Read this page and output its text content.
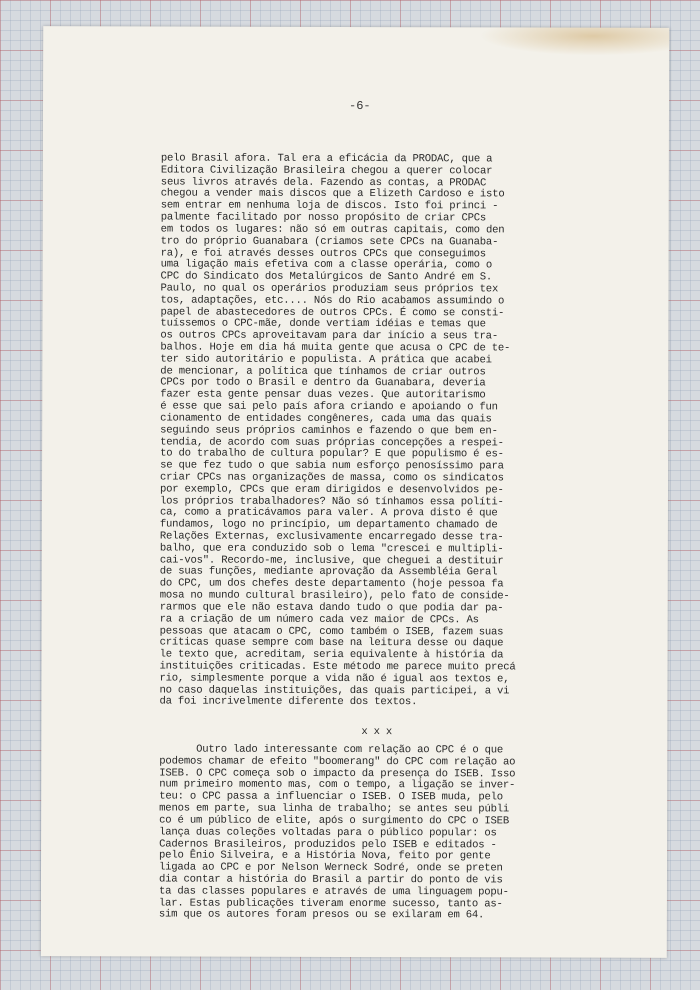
-6-
pelo Brasil afora. Tal era a eficácia da PRODAC, que a
Editora Civilização Brasileira chegou a querer colocar
seus livros através dela. Fazendo as contas, a PRODAC
chegou a vender mais discos que a Elizeth Cardoso e isto
sem entrar em nenhuma loja de discos. Isto foi princi -
palmente facilitado por nosso propósito de criar CPCs
em todos os lugares: não só em outras capitais, como den
tro do próprio Guanabara (criamos sete CPCs na Guanaba-
ra), e foi através desses outros CPCs que conseguimos
uma ligação mais efetiva com a classe operária, como o
CPC do Sindicato dos Metalúrgicos de Santo André em S.
Paulo, no qual os operários produziam seus próprios tex
tos, adaptações, etc.... Nós do Rio acabamos assumindo o
papel de abastecedores de outros CPCs. É como se consti-
tuíssemos o CPC-mãe, donde vertiam idéias e temas que
os outros CPCs aproveitavam para dar início a seus tra-
balhos. Hoje em dia há muita gente que acusa o CPC de te-
ter sido autoritário e populista. A prática que acabei
de mencionar, a política que tínhamos de criar outros
CPCs por todo o Brasil e dentro da Guanabara, deveria
fazer esta gente pensar duas vezes. Que autoritarismo
é esse que sai pelo país afora criando e apoiando o fun
cionamento de entidades congêneres, cada uma das quais
seguindo seus próprios caminhos e fazendo o que bem en-
tendia, de acordo com suas próprias concepções a respei-
to do trabalho de cultura popular? E que populismo é es-
se que fez tudo o que sabia num esforço penosíssimo para
criar CPCs nas organizações de massa, como os sindicatos
por exemplo, CPCs que eram dirigidos e desenvolvidos pe-
los próprios trabalhadores? Não só tínhamos essa políti-
ca, como a praticávamos para valer. A prova disto é que
fundamos, logo no princípio, um departamento chamado de
Relações Externas, exclusivamente encarregado desse tra-
balho, que era conduzido sob o lema "crescei e multipli-
cai-vos". Recordo-me, inclusive, que cheguei a destituir
de suas funções, mediante aprovação da Assembléia Geral
do CPC, um dos chefes deste departamento (hoje pessoa fa
mosa no mundo cultural brasileiro), pelo fato de conside-
rarmos que ele não estava dando tudo o que podia dar pa-
ra a criação de um número cada vez maior de CPCs. As
pessoas que atacam o CPC, como também o ISEB, fazem suas
críticas quase sempre com base na leitura desse ou daque
le texto que, acreditam, seria equivalente à história da
instituições criticadas. Este método me parece muito precá
rio, simplesmente porque a vida não é igual aos textos e,
no caso daquelas instituições, das quais participei, a vi
da foi incrivelmente diferente dos textos.
x x x
Outro lado interessante com relação ao CPC é o que
podemos chamar de efeito "boomerang" do CPC com relação ao
ISEB. O CPC começa sob o impacto da presença do ISEB. Isso
num primeiro momento mas, com o tempo, a ligação se inver-
teu: o CPC passa a influenciar o ISEB. O ISEB muda, pelo
menos em parte, sua linha de trabalho; se antes seu públi
co é um público de elite, após o surgimento do CPC o ISEB
lança duas coleções voltadas para o público popular: os
Cadernos Brasileiros, produzidos pelo ISEB e editados -
pelo Ênio Silveira, e a História Nova, feito por gente
ligada ao CPC e por Nelson Werneck Sodré, onde se preten
dia contar a história do Brasil a partir do ponto de vis
ta das classes populares e através de uma linguagem popu-
lar. Estas publicações tiveram enorme sucesso, tanto as-
sim que os autores foram presos ou se exilaram em 64.
